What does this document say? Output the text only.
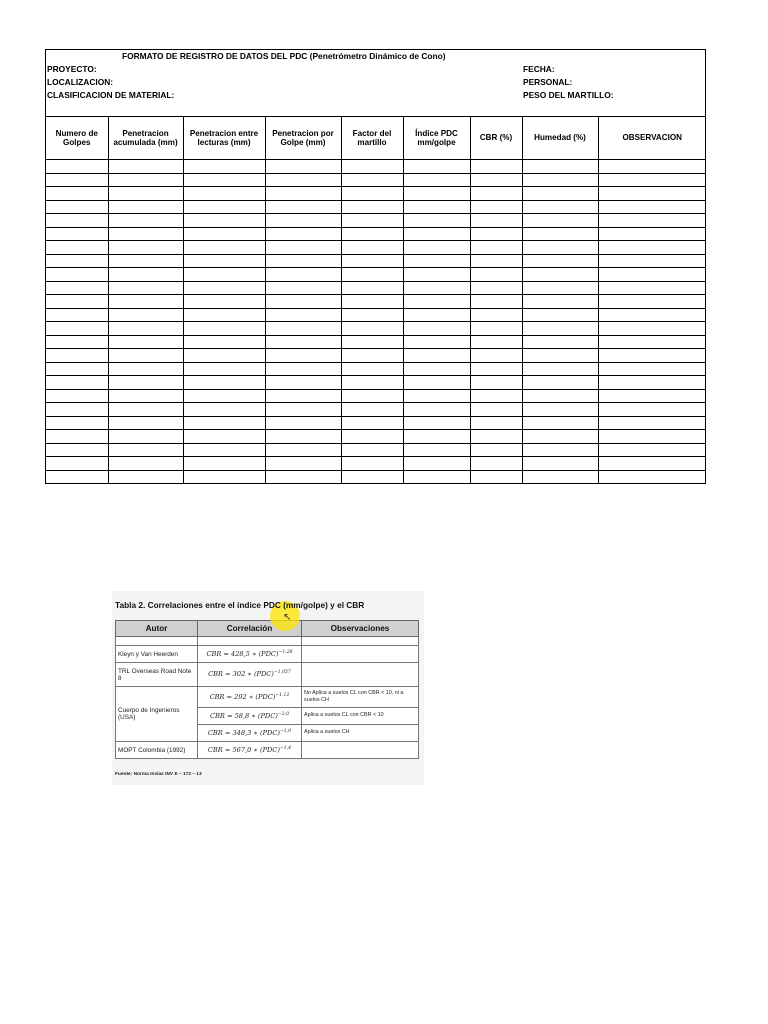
FORMATO DE REGISTRO DE DATOS DEL PDC (Penetrómetro Dinámico de Cono)
PROYECTO:
LOCALIZACION:
CLASIFICACION DE MATERIAL:
FECHA:
PERSONAL:
PESO DEL MARTILLO:
Numero de Golpes	Penetracion acumulada (mm)	Penetracion entre lecturas (mm)	Penetracion por Golpe (mm)	Factor del martillo	Índice PDC mm/golpe	CBR (%)	Humedad (%)	OBSERVACION

Tabla 2. Correlaciones entre el índice PDC (mm/golpe) y el CBR
Autor	Correlación	Observaciones

Kleyn y Van Heerden	CBR = 428,5 ∗ (PDC)$^{-1,28}$	
TRL Overseas Road Note 8	CBR = 302 ∗ (PDC)$^{-1,057}$	
Cuerpo de Ingenieros (USA)	CBR = 292 ∗ (PDC)$^{-1,12}$	No Aplica a suelos CL con CBR < 10, ni a suelos CH
	CBR = 58,8 ∗ (PDC)$^{-2,0}$	Aplica a suelos CL con CBR < 10
	CBR = 348,3 ∗ (PDC)$^{-1,0}$	Aplica a suelos CH
MOPT Colombia (1992)	CBR = 567,0 ∗ (PDC)$^{-1,4}$	
Fuente: Norma Invías INV E – 172 – 13
↖
